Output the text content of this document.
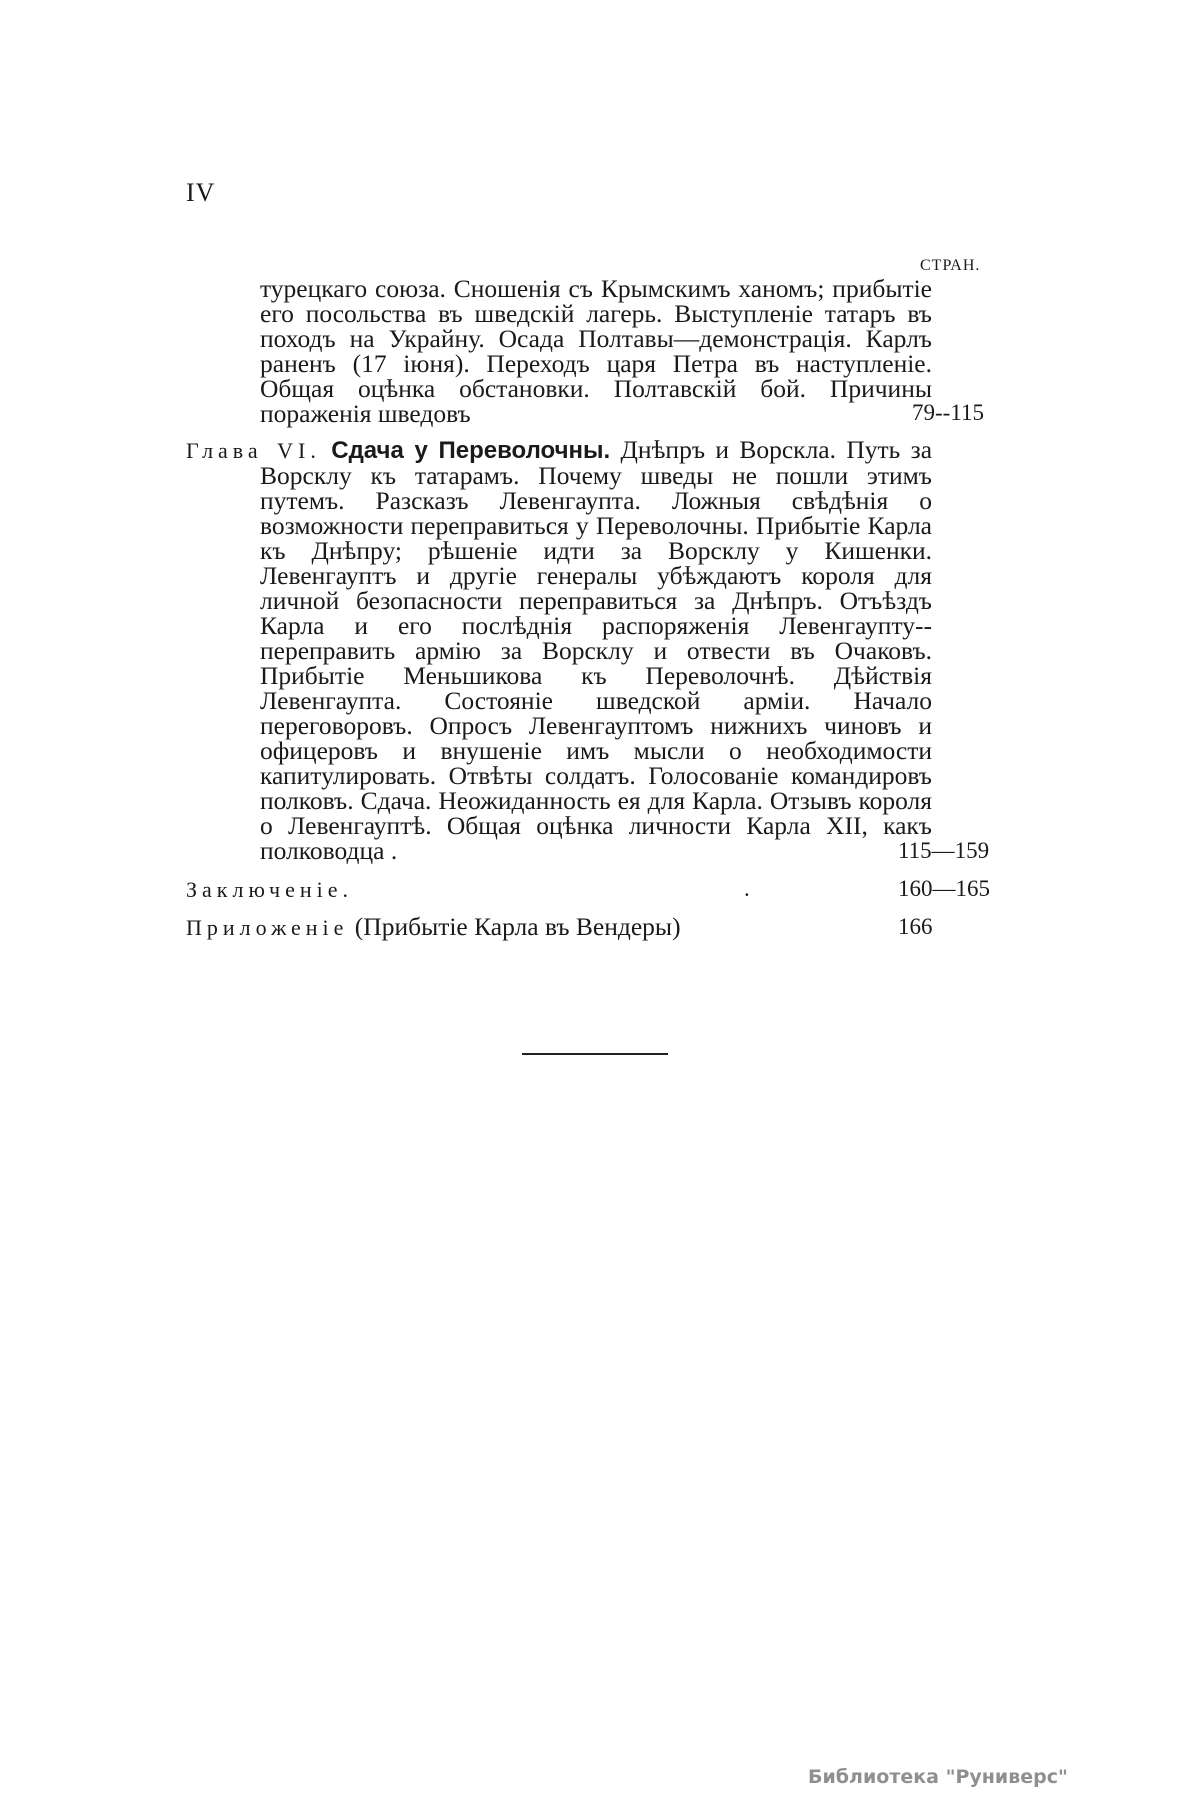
IV
СТРАН.
турецкаго союза. Сношенія съ Крымскимъ ханомъ; прибытіе его посольства въ шведскій лагерь. Выступленіе татаръ въ походъ на Украйну. Осада Полтавы—демонстрація. Карлъ раненъ (17 іюня). Переходъ царя Петра въ наступленіе. Общая оцѣнка обстановки. Полтавскій бой. Причины пораженія шведовъ	79--115
Глава VI. Сдача у Переволочны. Днѣпръ и Ворскла. Путь за Ворсклу къ татарамъ. Почему шведы не пошли этимъ путемъ. Разсказъ Левенгаупта. Ложныя свѣдѣнія о возможности переправиться у Переволочны. Прибытіе Карла къ Днѣпру; рѣшеніе идти за Ворсклу у Кишенки. Левенгауптъ и другіе генералы убѣждаютъ короля для личной безопасности переправиться за Днѣпръ. Отъѣздъ Карла и его послѣднія распоряженія Левенгаупту--переправить армію за Ворсклу и отвести въ Очаковъ. Прибытіе Меньшикова къ Переволочнѣ. Дѣйствія Левенгаупта. Состояніе шведской арміи. Начало переговоровъ. Опросъ Левенгауптомъ нижнихъ чиновъ и офицеровъ и внушеніе имъ мысли о необходимости капитулировать. Отвѣты солдатъ. Голосованіе командировъ полковъ. Сдача. Неожиданность ея для Карла. Отзывъ короля о Левенгауптѣ. Общая оцѣнка личности Карла XII, какъ полководца .	115—159
Заключеніе.	.	160—165
Приложеніе (Прибытіе Карла въ Вендеры)	166
Библиотека "Руниверс"
